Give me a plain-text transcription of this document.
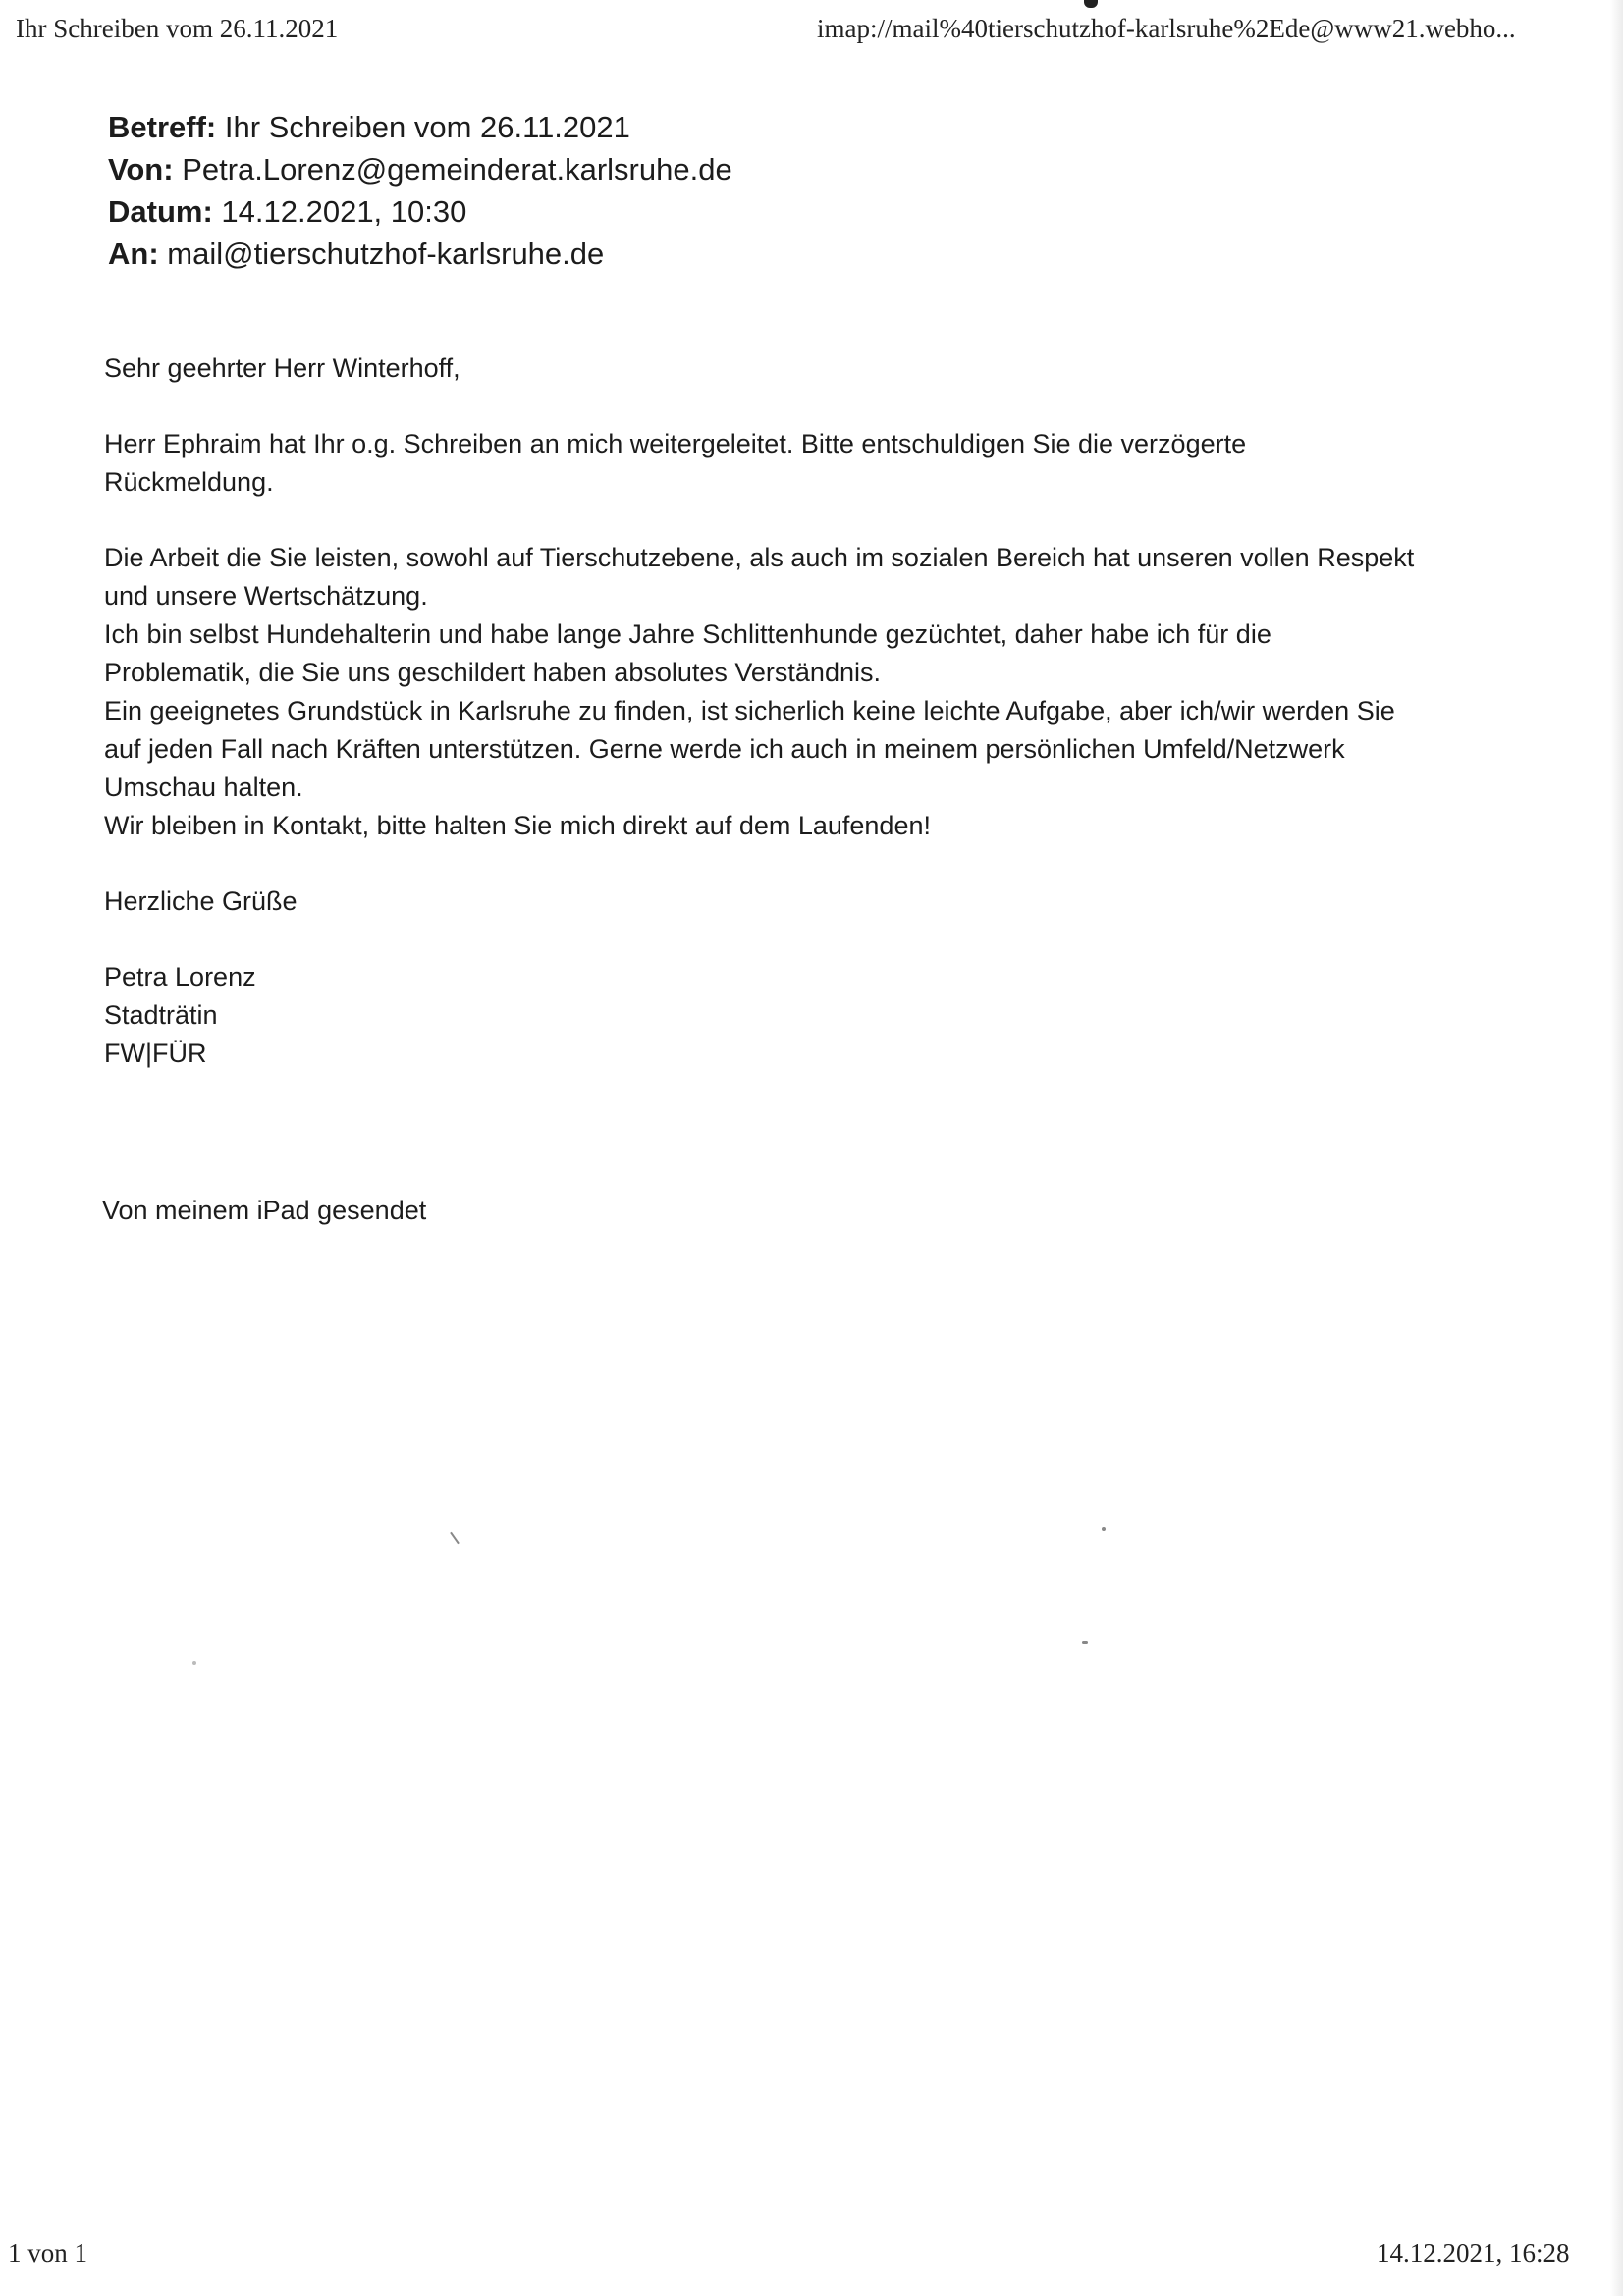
Ihr Schreiben vom 26.11.2021	imap://mail%40tierschutzhof-karlsruhe%2Ede@www21.webho...
Betreff: Ihr Schreiben vom 26.11.2021
Von: Petra.Lorenz@gemeinderat.karlsruhe.de
Datum: 14.12.2021, 10:30
An: mail@tierschutzhof-karlsruhe.de

Sehr geehrter Herr Winterhoff,

Herr Ephraim hat Ihr o.g. Schreiben an mich weitergeleitet. Bitte entschuldigen Sie die verzögerte
Rückmeldung.

Die Arbeit die Sie leisten, sowohl auf Tierschutzebene, als auch im sozialen Bereich hat unseren vollen Respekt
und unsere Wertschätzung.
Ich bin selbst Hundehalterin und habe lange Jahre Schlittenhunde gezüchtet, daher habe ich für die
Problematik, die Sie uns geschildert haben absolutes Verständnis.
Ein geeignetes Grundstück in Karlsruhe zu finden, ist sicherlich keine leichte Aufgabe, aber ich/wir werden Sie
auf jeden Fall nach Kräften unterstützen. Gerne werde ich auch in meinem persönlichen Umfeld/Netzwerk
Umschau halten.
Wir bleiben in Kontakt, bitte halten Sie mich direkt auf dem Laufenden!

Herzliche Grüße

Petra Lorenz
Stadträtin
FW|FÜR

Von meinem iPad gesendet
1 von 1	14.12.2021, 16:28
